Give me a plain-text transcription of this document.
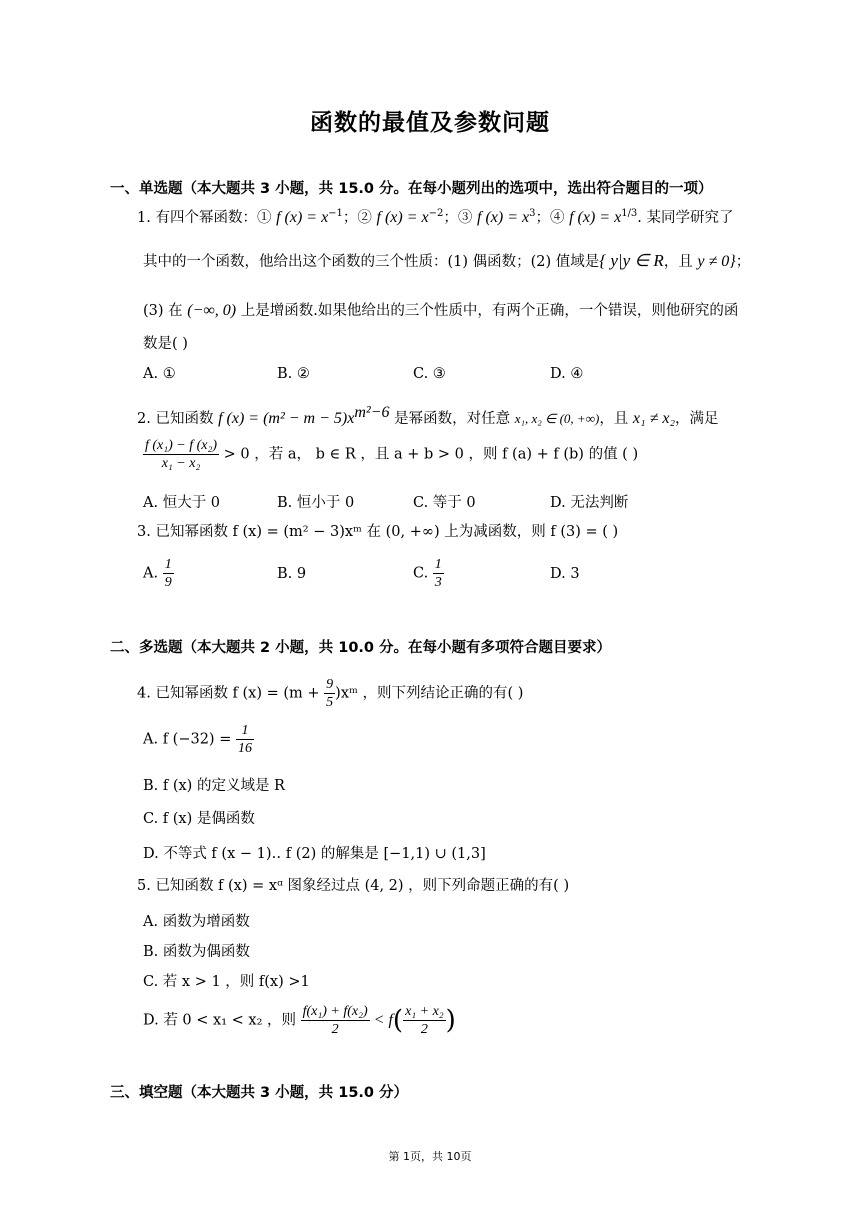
函数的最值及参数问题
一、单选题（本大题共 3 小题，共 15.0 分。在每小题列出的选项中，选出符合题目的一项）
1. 有四个幂函数：① f $(x) = x^{-1}$；② f $(x) = x^{-2}$；③ f $(x) = x^3$；④ f $(x) = x^{1/3}$. 某同学研究了
其中的一个函数，他给出这个函数的三个性质：(1) 偶函数；(2) 值域是{ y|y ∈ R，且 y ≠ 0}；
(3) 在 (−∞, 0) 上是增函数.如果他给出的三个性质中，有两个正确，一个错误，则他研究的函
数是( )
A. ①	B. ②	C. ③	D. ④
2. 已知函数 f $(x) = (m^2 - m - 5)x^{m^2-6}$ 是幂函数，对任意 x₁, x₂ ∈ (0, +∞)，且 x₁ ≠ x₂，满足
$\frac{\text{f (x₁) − f (x₂)}}{\text{x₁ − x₂}} > 0$ ，若 a， b ∈ R ，且 a + b > 0 ，则 f (a) + f (b) 的值 ( )
A. 恒大于 0	B. 恒小于 0	C. 等于 0	D. 无法判断
3. 已知幂函数 f (x) = (m² − 3)xᵐ 在 (0, +∞) 上为减函数，则 f (3) = ( )
A. $\frac{1}{9}$	B. 9	C. $\frac{1}{3}$	D. 3
二、多选题（本大题共 2 小题，共 10.0 分。在每小题有多项符合题目要求）
4. 已知幂函数 f $(x) = (m + \frac{9}{5}$ )xᵐ ，则下列结论正确的有( )
A. f $(-32) = \frac{1}{16}$
B. f (x) 的定义域是 R
C. f (x) 是偶函数
D. 不等式 f (x − 1)‥ f (2) 的解集是 [−1,1) ∪ (1,3]
5. 已知函数 f (x) = xᵅ 图象经过点 (4, 2) ，则下列命题正确的有( )
A. 函数为增函数
B. 函数为偶函数
C. 若 x > 1 ，则 f(x) >1
D. 若 0 < x₁ < x₂ ，则 $\frac{\text{f(x₁) + f(x₂)}}{2} < f( \frac{\text{x₁ + x₂}}{2}$ )
三、填空题（本大题共 3 小题，共 15.0 分）
第 1页，共 10页
